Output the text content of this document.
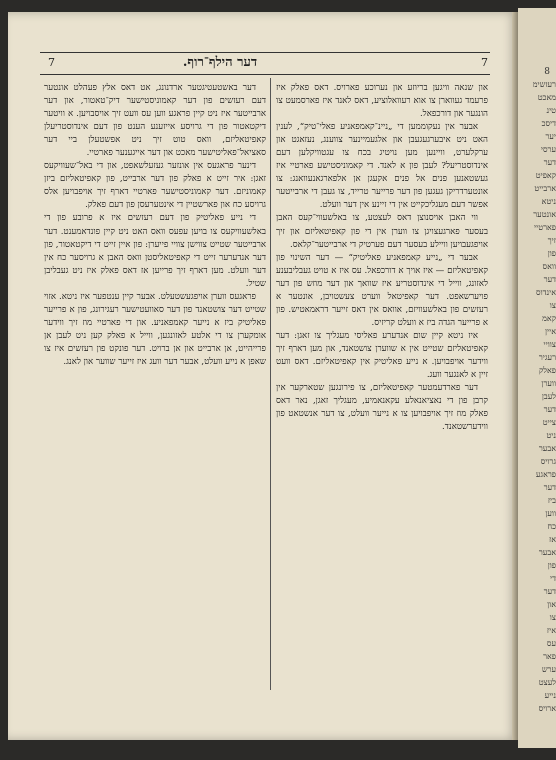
8
רעזשימ
מאכט
טינ
דיסכ
יער
ערסי
דער
קאפיט
ארבייט
ניטא
אונטער
פארטיי
זיך
פון
וואס
דער
אינדוס
צו
קאמ
איין
צוויי
רעגיר
פאלק
ווערן
לעבן
דער
צייט
ניט
אבער
גרויס
פראגע
דער
ביז
ווען
כח
אז
אבער
פון
די
דער
און
צו
איז
עס
פאר
ערש
לעצט
נייע
ארויס
7
דער הילף־רוף.
7

און שנאה וויגען בריוזע און נערוכע פארויס. דאס פאלק איז פרעמד געווארן צו אוא רעוואלוציע, דאס לאנד איז פארסמעט צו הונגער און דורכפאל.

אבער אין נעקוממען די „ניינ־קאמפאניע פאלי־טיק“, לענין האט ניט איבערגעגעבן און אלגעמיינער צווענג, נעזאגט און ערקלערט, וויינען מען נויטיג בכח צו עגטוויקלען דעם אינדוסטריעל? לעבן פון א לאנד. די קאמוניסטישע פארטיי איז געשטאנען פנים אל פנים אקעגן אן אלפארגאנעוואנג: צו אונטערדריקן געגען פון דער פרייער טרייד, צו געבן די ארבייטער אפשר דעם מעגליכקייט אין די זיינע אין דער וועלט.

ווי האבן אויסנוצן דאס לעצטע, צו באלשעווי־קעס האבן בעסער פארגעצויגן צו ווערן אין די פון קאפיטאליזם און זיך אויפגעבויען וויילע בעסער דעם פערטיק די ארבייטער־קלאס.

אבער די „נייע קאמפאניע פאליטיק“ — דער השינוי פון קאפיטאליזם — איז אויך א דורכפאל. עס איז א טויט געבליבענע לאזונג, ווייל די אינדוסטריע איז שוואך און דער מוזש פון דער פויערשאפט. דער קאפיטאל ווערט צעשטויבן, אונטער א רעזשים פון באלשעוויזם, אוואס אין דאס זייער דראמאטיש. פון א פרייער הגדה ביז א וועלט קריזיס.

איז ניטא קיין שום אנדערע פאליסי מעגליך צו זאגן: דער קאפיטאליזם שטייט אין א שווערן צושטאנד, און מען דארף זיך ווידער אויפבויען. א נייע פאליטיק אין קאפיטאליזם. דאס וועט זיין א לאנגער וועג.

דער פארדעמטער קאפיטאליזם, צו פירונגען שטארקער אין קרבן פון די נאציאנאלע עקאנאמיע, מעגליך זאגן, נאר דאס פאלק מוז זיך אויפבויען צו א נייער וועלט, צו דער אנשטאט פון ווידערשטאנד.

דער באשטעטיגטער ארדנונג, אט דאס אלץ פעהלט אונטער דעם רעזשים פון דער קאמוניסטישער דיק־טאטור, און דער ארבייטער איז ניט קיין פראגע ווען עס וועט זיך אויסבויען. א וויטער דיקטאטור פון די גרויסע אייזענע הענט פון דעם אינדוסטריעלן קאפיטאליזם, וואס טוט זיך ניט אפשטעלן ביי דער סאציאל־פאליטישער מאכט און דער אייגענער פארטיי.

דינער פראגעס אין אונזער געזעלשאפט, און די באל־שעוויקעס זאגן: איר זייט א פאלק פון דער ארבייט, פון קאפיטאליזם ביזן קאמוניזם. דער קאמוניסטישער פארטיי דארף זיך אויפבויען אלס גרויסע כח און פארשטיין די אינטערעסן פון דעם פאלק.

די נייע פאליטיק פון דעם רעזשים איז א פרובע פון די באלשעוויקעס צו בויען עפעס וואס האט ניט קיין פונדאמענט. דער ארבייטער שטייט צווישן צוויי פייערן: פון איין זייט די דיקטאטור, פון דער אנדערער זייט די קאפיטאליסטן וואס האבן א גרויסער כח אין דער וועלט. מען דארף זיך פרייען אז דאס פאלק איז ניט געבליבן שטיל.

פראגעס ווערן אויפגעשטעלט. אבער קיין ענטפער איז ניטא. אזוי שטייט דער צושטאנד פון דער סאוועטישער רעגירונג, פון א פרייער פאליטיק ביז א נייער קאמפאניע. און די פארטיי מוז זיך ווידער אומקערן צו די אלטע לאזונגען, ווייל א פאלק קען ניט לעבן אן פרייהייט, אן ארבייט און אן ברויט. דער פונקט פון רעזשים איז צו שאפן א נייע וועלט, אבער דער וועג איז זייער שווער און לאנג.
